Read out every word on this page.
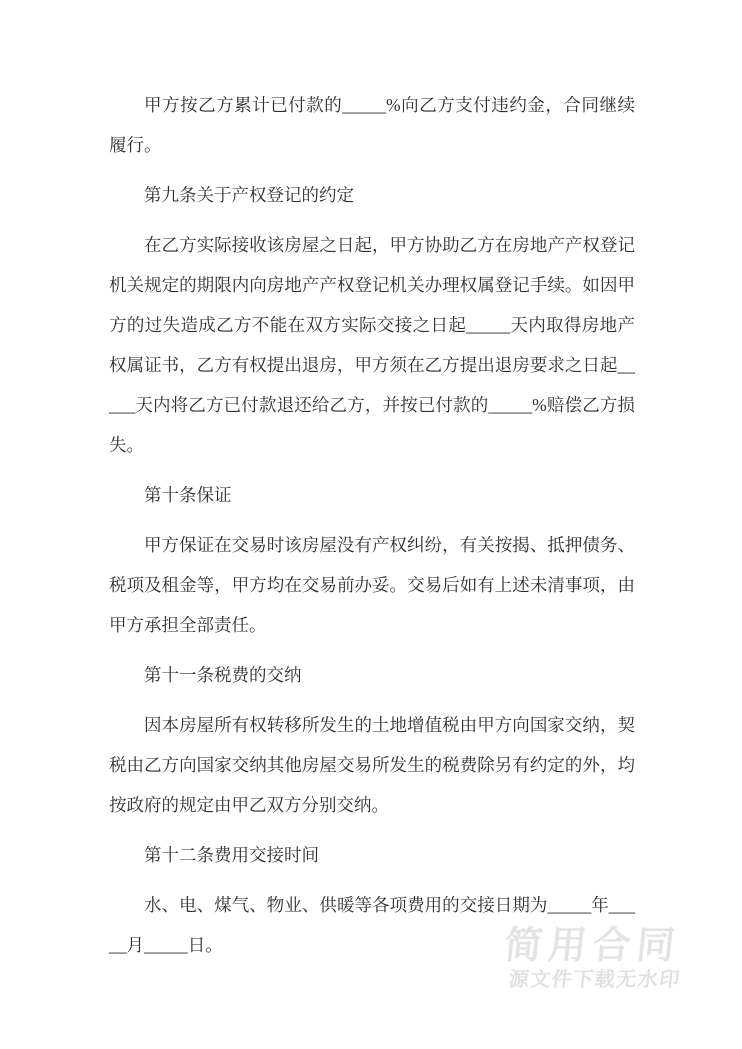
甲方按乙方累计已付款的_____%向乙方支付违约金，合同继续履行。

第九条关于产权登记的约定

在乙方实际接收该房屋之日起，甲方协助乙方在房地产产权登记机关规定的期限内向房地产产权登记机关办理权属登记手续。如因甲方的过失造成乙方不能在双方实际交接之日起_____天内取得房地产权属证书，乙方有权提出退房，甲方须在乙方提出退房要求之日起_____天内将乙方已付款退还给乙方，并按已付款的_____%赔偿乙方损失。

第十条保证

甲方保证在交易时该房屋没有产权纠纷，有关按揭、抵押债务、税项及租金等，甲方均在交易前办妥。交易后如有上述未清事项，由甲方承担全部责任。

第十一条税费的交纳

因本房屋所有权转移所发生的土地增值税由甲方向国家交纳，契税由乙方向国家交纳其他房屋交易所发生的税费除另有约定的外，均按政府的规定由甲乙双方分别交纳。

第十二条费用交接时间

水、电、煤气、物业、供暖等各项费用的交接日期为_____年_____月_____日。	简用合同
源文件下载无水印
